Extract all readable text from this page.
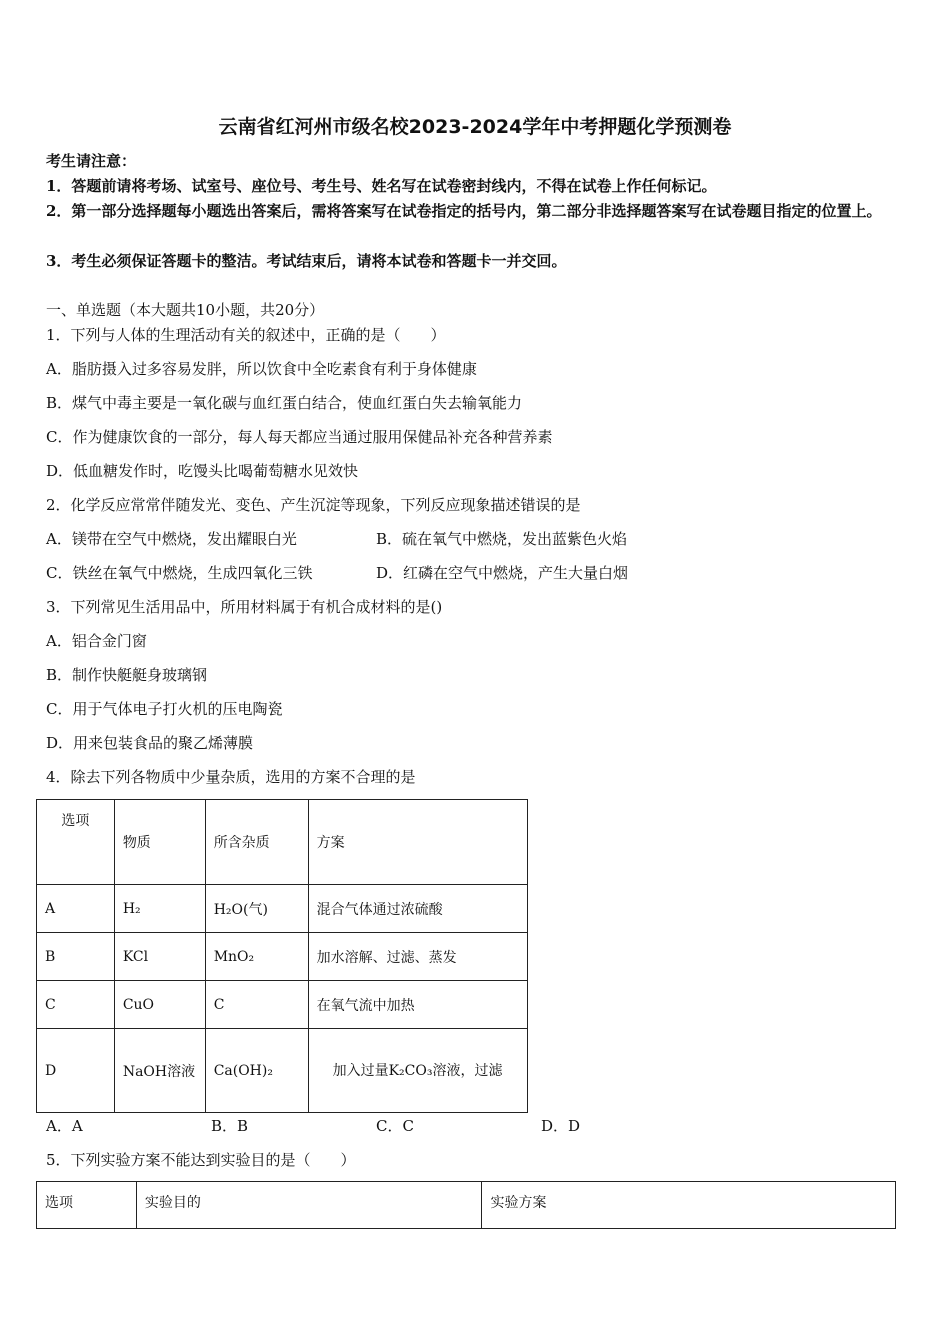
云南省红河州市级名校2023-2024学年中考押题化学预测卷
考生请注意：
1．答题前请将考场、试室号、座位号、考生号、姓名写在试卷密封线内，不得在试卷上作任何标记。
2．第一部分选择题每小题选出答案后，需将答案写在试卷指定的括号内，第二部分非选择题答案写在试卷题目指定的位置上。
3．考生必须保证答题卡的整洁。考试结束后，请将本试卷和答题卡一并交回。
一、单选题（本大题共10小题，共20分）
1．下列与人体的生理活动有关的叙述中，正确的是（　　）
A．脂肪摄入过多容易发胖，所以饮食中全吃素食有利于身体健康
B．煤气中毒主要是一氧化碳与血红蛋白结合，使血红蛋白失去输氧能力
C．作为健康饮食的一部分，每人每天都应当通过服用保健品补充各种营养素
D．低血糖发作时，吃馒头比喝葡萄糖水见效快
2．化学反应常常伴随发光、变色、产生沉淀等现象，下列反应现象描述错误的是
A．镁带在空气中燃烧，发出耀眼白光	B．硫在氧气中燃烧，发出蓝紫色火焰
C．铁丝在氧气中燃烧，生成四氧化三铁	D．红磷在空气中燃烧，产生大量白烟
3．下列常见生活用品中，所用材料属于有机合成材料的是()
A．铝合金门窗
B．制作快艇艇身玻璃钢
C．用于气体电子打火机的压电陶瓷
D．用来包装食品的聚乙烯薄膜
4．除去下列各物质中少量杂质，选用的方案不合理的是
选项	物质	所含杂质	方案
A	H₂	H₂O(气)	混合气体通过浓硫酸
B	KCl	MnO₂	加水溶解、过滤、蒸发
C	CuO	C	在氧气流中加热
D	NaOH溶液	Ca(OH)₂	加入过量K₂CO₃溶液，过滤
A．A	B．B	C．C	D．D
5．下列实验方案不能达到实验目的是（　　）
选项	实验目的	实验方案
